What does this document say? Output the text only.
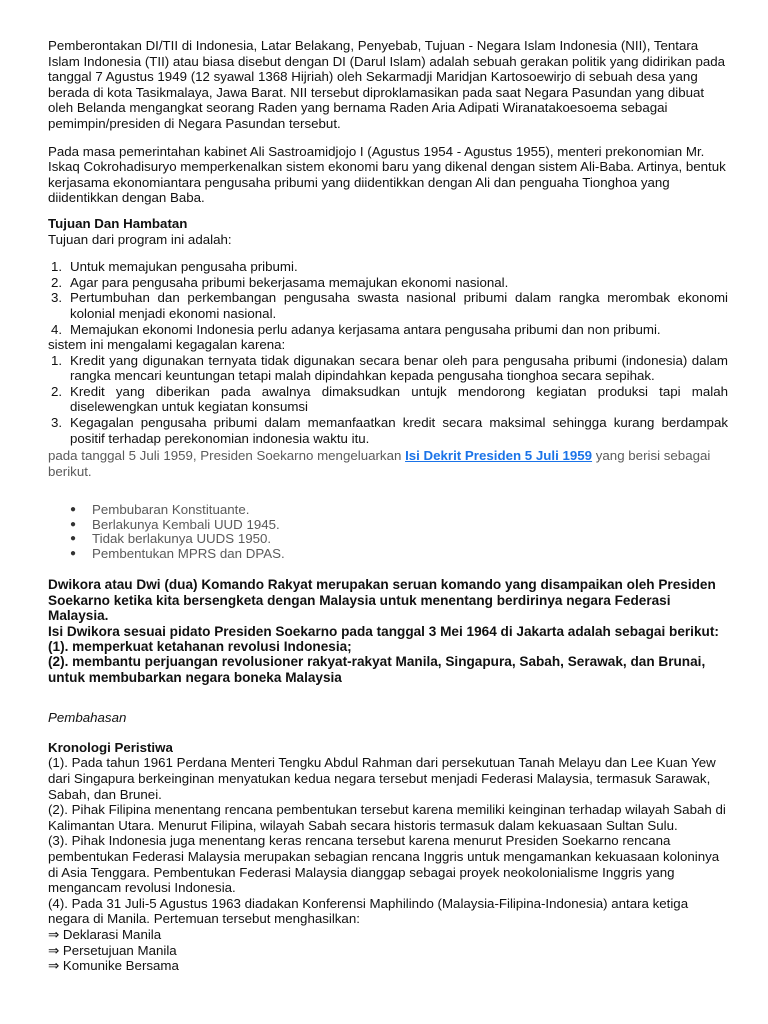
Pemberontakan DI/TII di Indonesia, Latar Belakang, Penyebab, Tujuan - Negara Islam Indonesia (NII), Tentara Islam Indonesia (TII) atau biasa disebut dengan DI (Darul Islam) adalah sebuah gerakan politik yang didirikan pada tanggal 7 Agustus 1949 (12 syawal 1368 Hijriah) oleh Sekarmadji Maridjan Kartosoewirjo di sebuah desa yang berada di kota Tasikmalaya, Jawa Barat. NII tersebut diproklamasikan pada saat Negara Pasundan yang dibuat oleh Belanda mengangkat seorang Raden yang bernama Raden Aria Adipati Wiranatakoesoema sebagai pemimpin/presiden di Negara Pasundan tersebut.

Pada masa pemerintahan kabinet Ali Sastroamidjojo I (Agustus 1954 - Agustus 1955), menteri prekonomian Mr. Iskaq Cokrohadisuryo memperkenalkan sistem ekonomi baru yang dikenal dengan sistem Ali-Baba. Artinya, bentuk kerjasama ekonomiantara pengusaha pribumi yang diidentikkan dengan Ali dan penguaha Tionghoa yang diidentikkan dengan Baba.

Tujuan Dan Hambatan

Tujuan dari program ini adalah:

1. Untuk memajukan pengusaha pribumi.
2. Agar para pengusaha pribumi bekerjasama memajukan ekonomi nasional.
3. Pertumbuhan dan perkembangan pengusaha swasta nasional pribumi dalam rangka merombak ekonomi kolonial menjadi ekonomi nasional.
4. Memajukan ekonomi Indonesia perlu adanya kerjasama antara pengusaha pribumi dan non pribumi.

sistem ini mengalami kegagalan karena:

1. Kredit yang digunakan ternyata tidak digunakan secara benar oleh para pengusaha pribumi (indonesia) dalam rangka mencari keuntungan tetapi malah dipindahkan kepada pengusaha tionghoa secara sepihak.
2. Kredit yang diberikan pada awalnya dimaksudkan untujk mendorong kegiatan produksi tapi malah diselewengkan untuk kegiatan konsumsi
3. Kegagalan pengusaha pribumi dalam memanfaatkan kredit secara maksimal sehingga kurang berdampak positif terhadap perekonomian indonesia waktu itu.

pada tanggal 5 Juli 1959, Presiden Soekarno mengeluarkan Isi Dekrit Presiden 5 Juli 1959 yang berisi sebagai berikut.

● Pembubaran Konstituante.
● Berlakunya Kembali UUD 1945.
● Tidak berlakunya UUDS 1950.
● Pembentukan MPRS dan DPAS.

Dwikora atau Dwi (dua) Komando Rakyat merupakan seruan komando yang disampaikan oleh Presiden Soekarno ketika kita bersengketa dengan Malaysia untuk menentang berdirinya negara Federasi Malaysia.

Isi Dwikora sesuai pidato Presiden Soekarno pada tanggal 3 Mei 1964 di Jakarta adalah sebagai berikut:

(1). memperkuat ketahanan revolusi Indonesia;

(2). membantu perjuangan revolusioner rakyat-rakyat Manila, Singapura, Sabah, Serawak, dan Brunai, untuk membubarkan negara boneka Malaysia

Pembahasan

Kronologi Peristiwa

(1). Pada tahun 1961 Perdana Menteri Tengku Abdul Rahman dari persekutuan Tanah Melayu dan Lee Kuan Yew dari Singapura berkeinginan menyatukan kedua negara tersebut menjadi Federasi Malaysia, termasuk Sarawak, Sabah, dan Brunei.

(2). Pihak Filipina menentang rencana pembentukan tersebut karena memiliki keinginan terhadap wilayah Sabah di Kalimantan Utara. Menurut Filipina, wilayah Sabah secara historis termasuk dalam kekuasaan Sultan Sulu.

(3). Pihak Indonesia juga menentang keras rencana tersebut karena menurut Presiden Soekarno rencana pembentukan Federasi Malaysia merupakan sebagian rencana Inggris untuk mengamankan kekuasaan koloninya di Asia Tenggara. Pembentukan Federasi Malaysia dianggap sebagai proyek neokolonialisme Inggris yang mengancam revolusi Indonesia.

(4). Pada 31 Juli-5 Agustus 1963 diadakan Konferensi Maphilindo (Malaysia-Filipina-Indonesia) antara ketiga negara di Manila. Pertemuan tersebut menghasilkan:

⇒ Deklarasi Manila

⇒ Persetujuan Manila

⇒ Komunike Bersama
